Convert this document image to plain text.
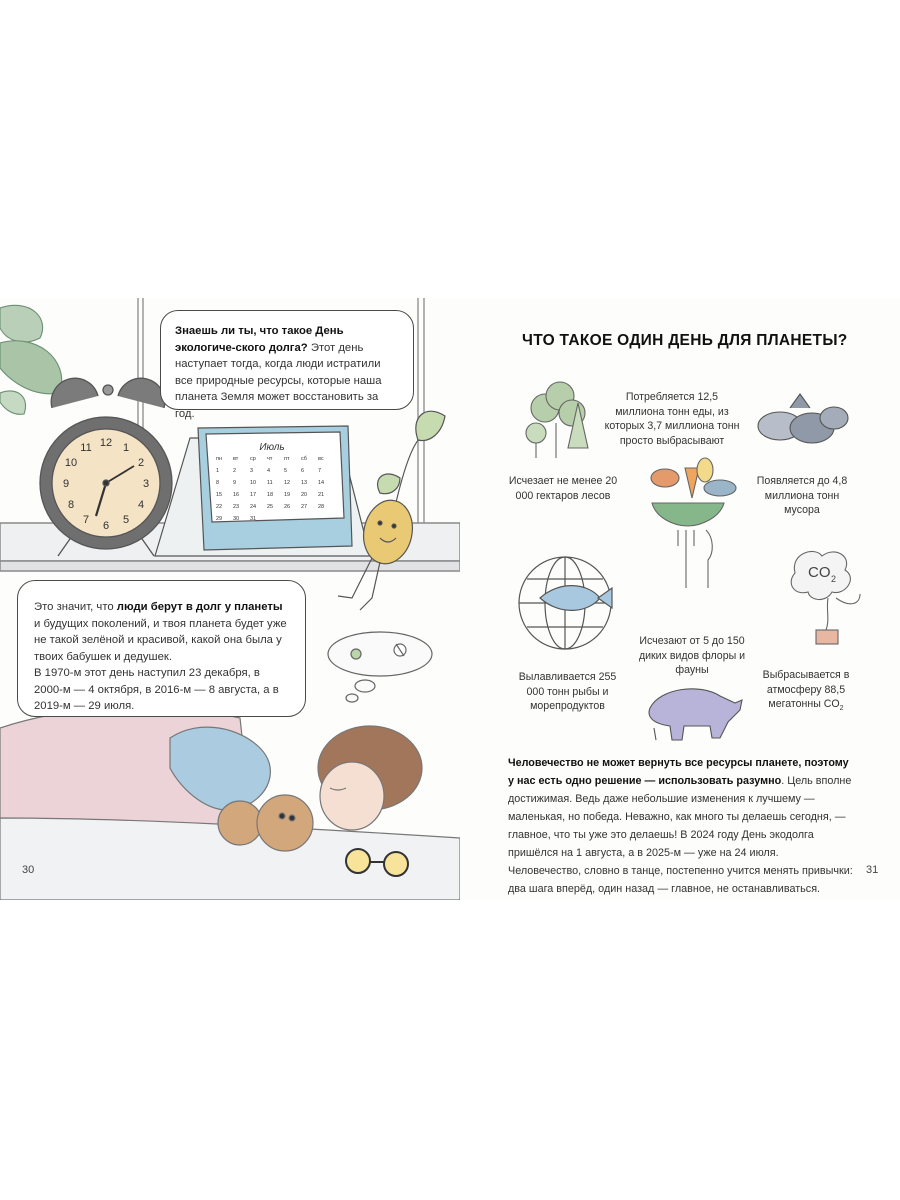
12 1
2
3
4
5
6
7
8
9
10
11	Июль
пн вт ср чт пт сб вс
1	2	3	4	5	6	7
8	9	10 11 12 13 14
15 16 17 18 19 20 21
22 23 24 25 26 27 28
29 30 31
Знаешь ли ты, что такое День экологиче-ского долга? Этот день наступает тогда, когда люди истратили все природные ресурсы, которые наша планета Земля может восстановить за год.
Это значит, что люди берут в долг у планеты и будущих поколений, и твоя планета будет уже не такой зелёной и красивой, какой она была у твоих бабушек и дедушек.
В 1970-м этот день наступил 23 декабря, в 2000-м — 4 октября, в 2016-м — 8 августа, а в 2019-м — 29 июля.
CO 2
ЧТО ТАКОЕ ОДИН ДЕНЬ ДЛЯ ПЛАНЕТЫ?
Исчезает не менее 20 000 гектаров лесов
Потребляется 12,5 миллиона тонн еды, из которых 3,7 миллиона тонн просто выбрасывают
Появляется до 4,8 миллиона тонн мусора
Вылавливается 255 000 тонн рыбы и морепродуктов
Исчезают от 5 до 150 диких видов флоры и фауны	Выбрасывается в атмосферу 88,5 мегатонны $CO_2$
Человечество не может вернуть все ресурсы планете, поэтому у нас есть одно решение — использовать разумно. Цель вполне достижимая. Ведь даже небольшие изменения к лучшему — маленькая, но победа. Неважно, как много ты делаешь сегодня, — главное, что ты уже это делаешь! В 2024 году День экодолга пришёлся на 1 августа, а в 2025-м — уже на 24 июля. Человечество, словно в танце, постепенно учится менять привычки: два шага вперёд, один назад — главное, не останавливаться.
30	31
